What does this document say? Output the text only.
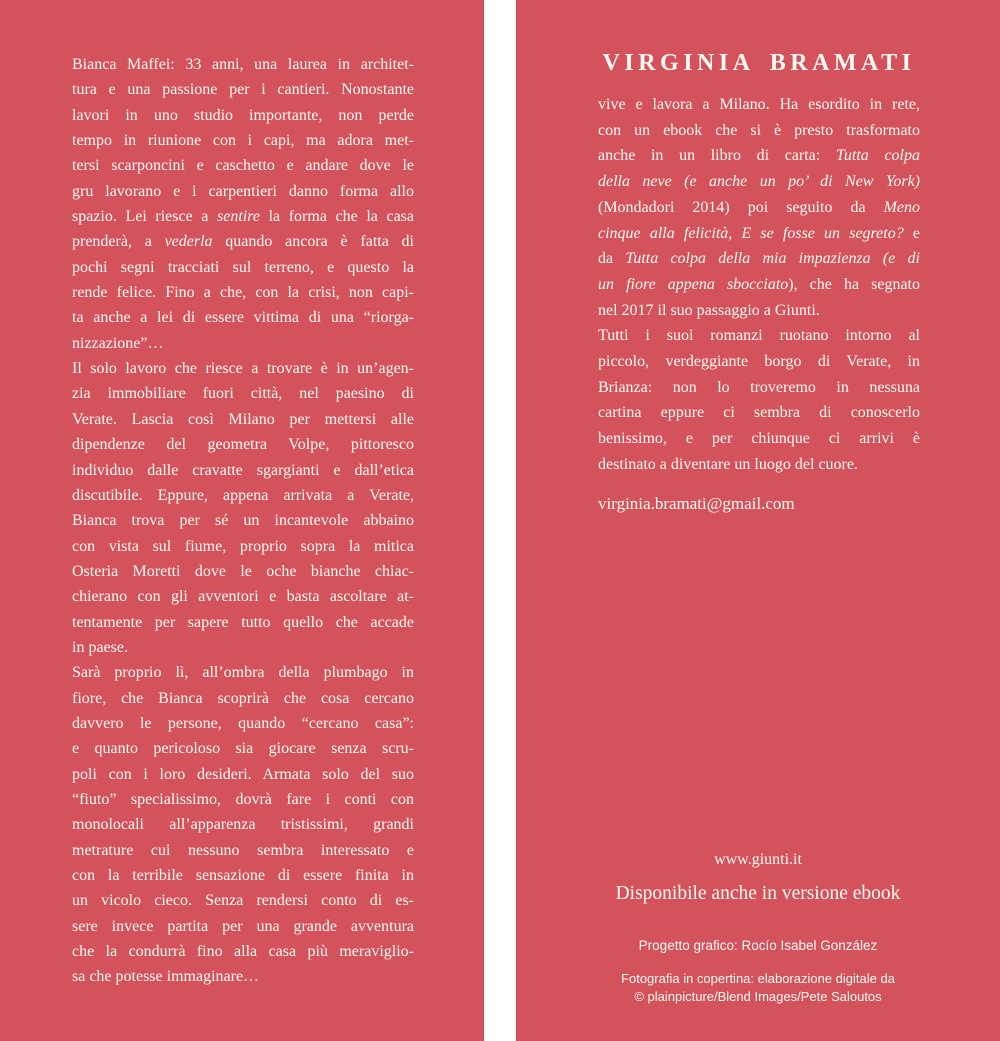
Bianca Maffei: 33 anni, una laurea in architet-
tura e una passione per i cantieri. Nonostante
lavori in uno studio importante, non perde
tempo in riunione con i capi, ma adora met-
tersi scarponcini e caschetto e andare dove le
gru lavorano e i carpentieri danno forma allo
spazio. Lei riesce a sentire la forma che la casa
prenderà, a vederla quando ancora è fatta di
pochi segni tracciati sul terreno, e questo la
rende felice. Fino a che, con la crisi, non capi-
ta anche a lei di essere vittima di una “riorga-
nizzazione”…
Il solo lavoro che riesce a trovare è in un’agen-
zia immobiliare fuori città, nel paesino di
Verate. Lascia così Milano per mettersi alle
dipendenze del geometra Volpe, pittoresco
individuo dalle cravatte sgargianti e dall’etica
discutibile. Eppure, appena arrivata a Verate,
Bianca trova per sé un incantevole abbaino
con vista sul fiume, proprio sopra la mitica
Osteria Moretti dove le oche bianche chiac-
chierano con gli avventori e basta ascoltare at-
tentamente per sapere tutto quello che accade
in paese.
Sarà proprio lì, all’ombra della plumbago in
fiore, che Bianca scoprirà che cosa cercano
davvero le persone, quando “cercano casa”:
e quanto pericoloso sia giocare senza scru-
poli con i loro desideri. Armata solo del suo
“fiuto” specialissimo, dovrà fare i conti con
monolocali all’apparenza tristissimi, grandi
metrature cui nessuno sembra interessato e
con la terribile sensazione di essere finita in
un vicolo cieco. Senza rendersi conto di es-
sere invece partita per una grande avventura
che la condurrà fino alla casa più meraviglio-
sa che potesse immaginare…
VIRGINIA BRAMATI
vive e lavora a Milano. Ha esordito in rete,
con un ebook che si è presto trasformato
anche in un libro di carta: Tutta colpa
della neve (e anche un po’ di New York)
(Mondadori 2014) poi seguito da Meno
cinque alla felicità, E se fosse un segreto? e
da Tutta colpa della mia impazienza (e di
un fiore appena sbocciato), che ha segnato
nel 2017 il suo passaggio a Giunti.
Tutti i suoi romanzi ruotano intorno al
piccolo, verdeggiante borgo di Verate, in
Brianza: non lo troveremo in nessuna
cartina eppure ci sembra di conoscerlo
benissimo, e per chiunque ci arrivi è
destinato a diventare un luogo del cuore.
virginia.bramati@gmail.com
www.giunti.it
Disponibile anche in versione ebook
Progetto grafico: Rocío Isabel González
Fotografia in copertina: elaborazione digitale da
© plainpicture/Blend Images/Pete Saloutos
